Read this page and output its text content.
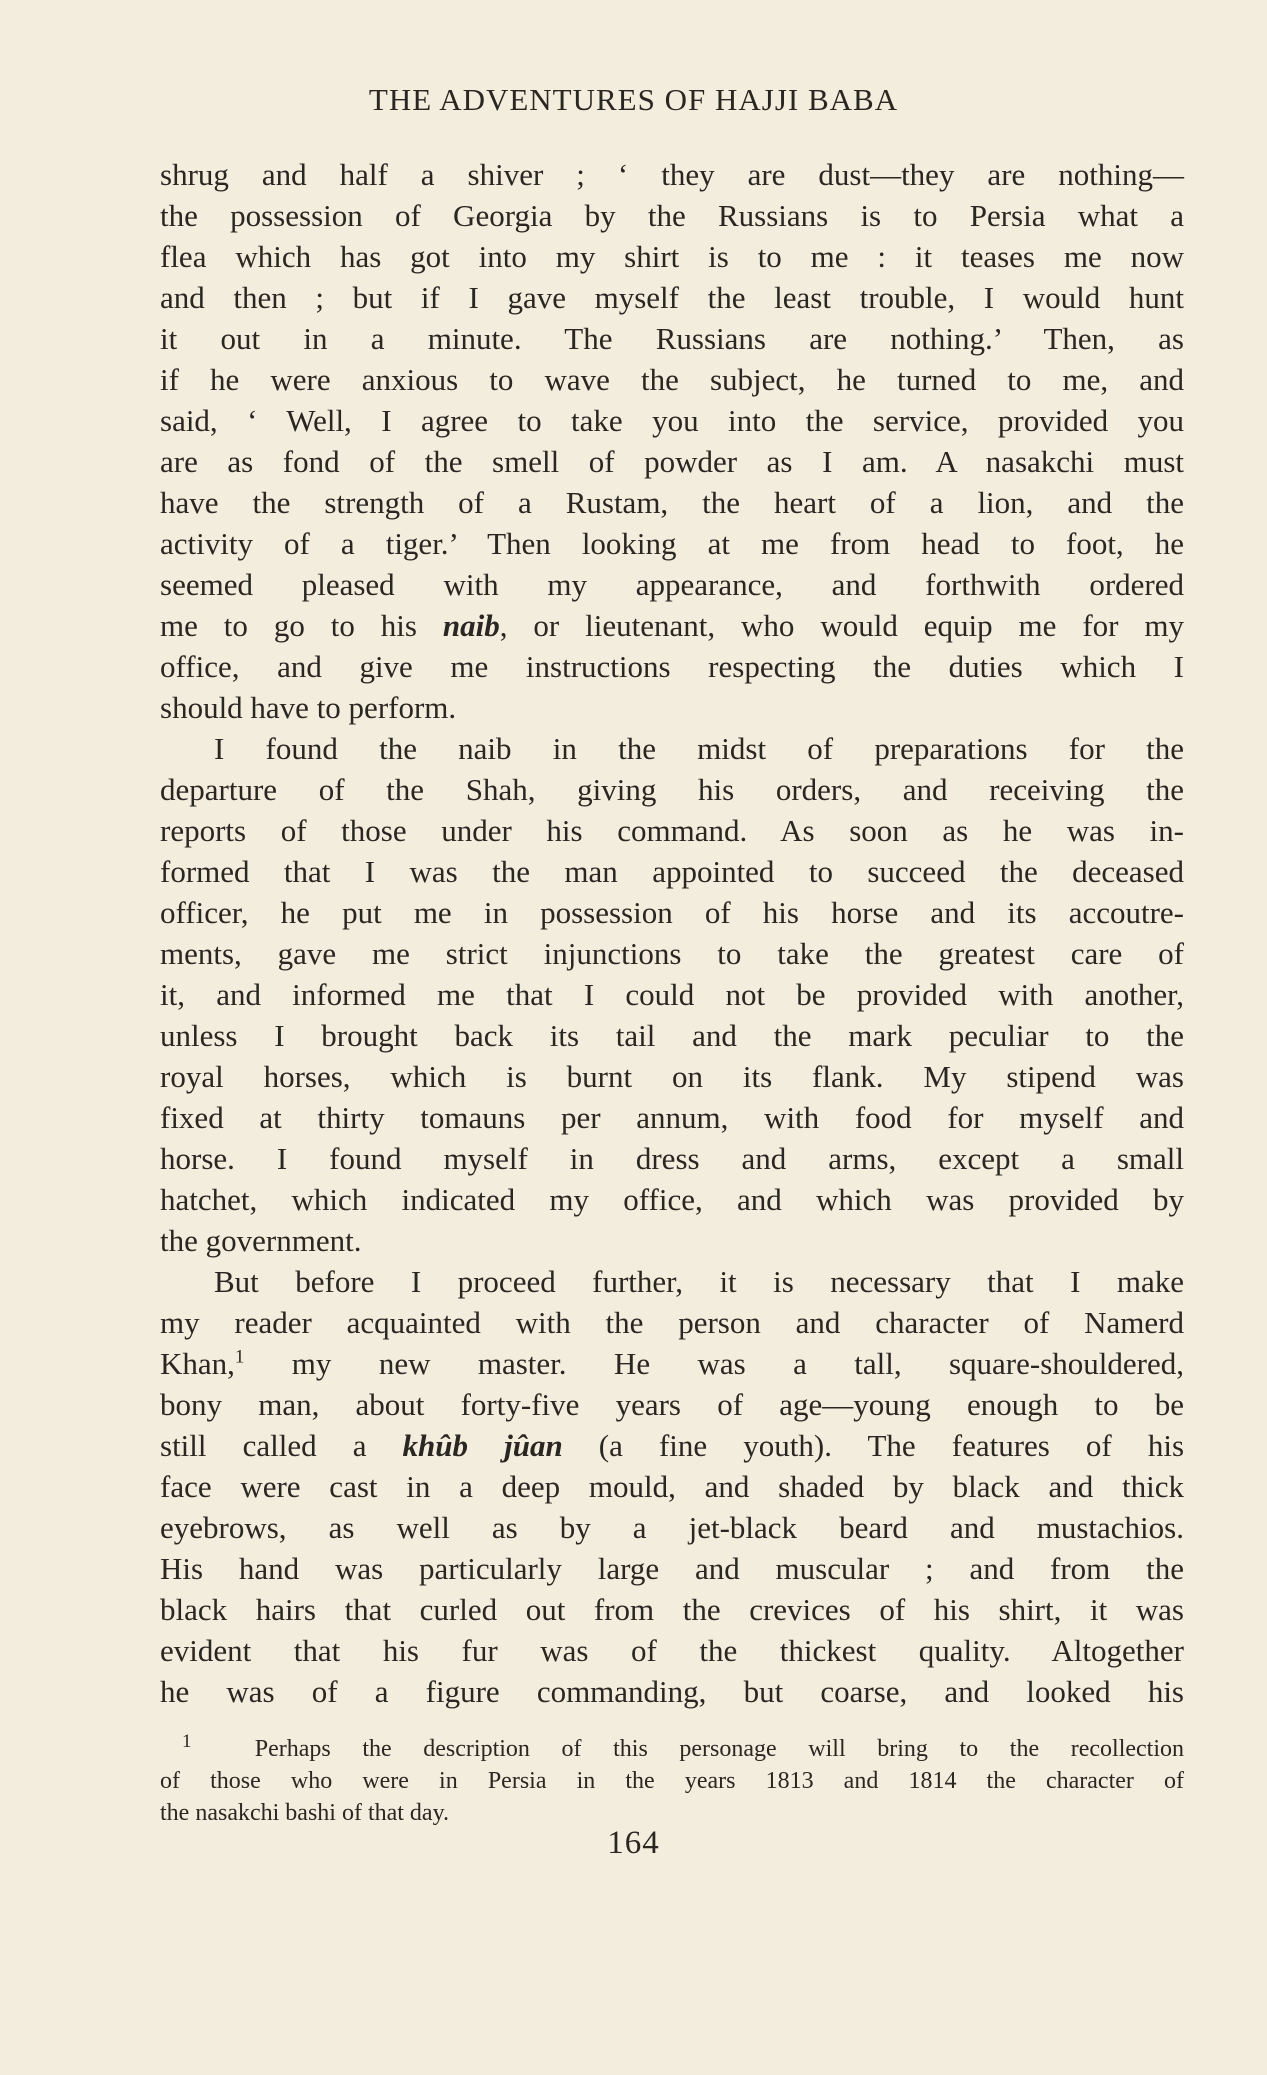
THE ADVENTURES OF HAJJI BABA
shrug and half a shiver ; ‘ they are dust—they are nothing—
the possession of Georgia by the Russians is to Persia what a
flea which has got into my shirt is to me : it teases me now
and then ; but if I gave myself the least trouble, I would hunt
it out in a minute. The Russians are nothing.’ Then, as
if he were anxious to wave the subject, he turned to me, and
said, ‘ Well, I agree to take you into the service, provided you
are as fond of the smell of powder as I am. A nasakchi must
have the strength of a Rustam, the heart of a lion, and the
activity of a tiger.’ Then looking at me from head to foot, he
seemed pleased with my appearance, and forthwith ordered
me to go to his naib, or lieutenant, who would equip me for my
office, and give me instructions respecting the duties which I
should have to perform.
I found the naib in the midst of preparations for the
departure of the Shah, giving his orders, and receiving the
reports of those under his command. As soon as he was in-
formed that I was the man appointed to succeed the deceased
officer, he put me in possession of his horse and its accoutre-
ments, gave me strict injunctions to take the greatest care of
it, and informed me that I could not be provided with another,
unless I brought back its tail and the mark peculiar to the
royal horses, which is burnt on its flank. My stipend was
fixed at thirty tomauns per annum, with food for myself and
horse. I found myself in dress and arms, except a small
hatchet, which indicated my office, and which was provided by
the government.
But before I proceed further, it is necessary that I make
my reader acquainted with the person and character of Namerd
Khan,$^1$ my new master. He was a tall, square-shouldered,
bony man, about forty-five years of age—young enough to be
still called a khûb jûan (a fine youth). The features of his
face were cast in a deep mould, and shaded by black and thick
eyebrows, as well as by a jet-black beard and mustachios.
His hand was particularly large and muscular ; and from the
black hairs that curled out from the crevices of his shirt, it was
evident that his fur was of the thickest quality. Altogether
he was of a figure commanding, but coarse, and looked his
$^1$	Perhaps the description of this personage will bring to the recollection
of those who were in Persia in the years 1813 and 1814 the character of
the nasakchi bashi of that day.
164
